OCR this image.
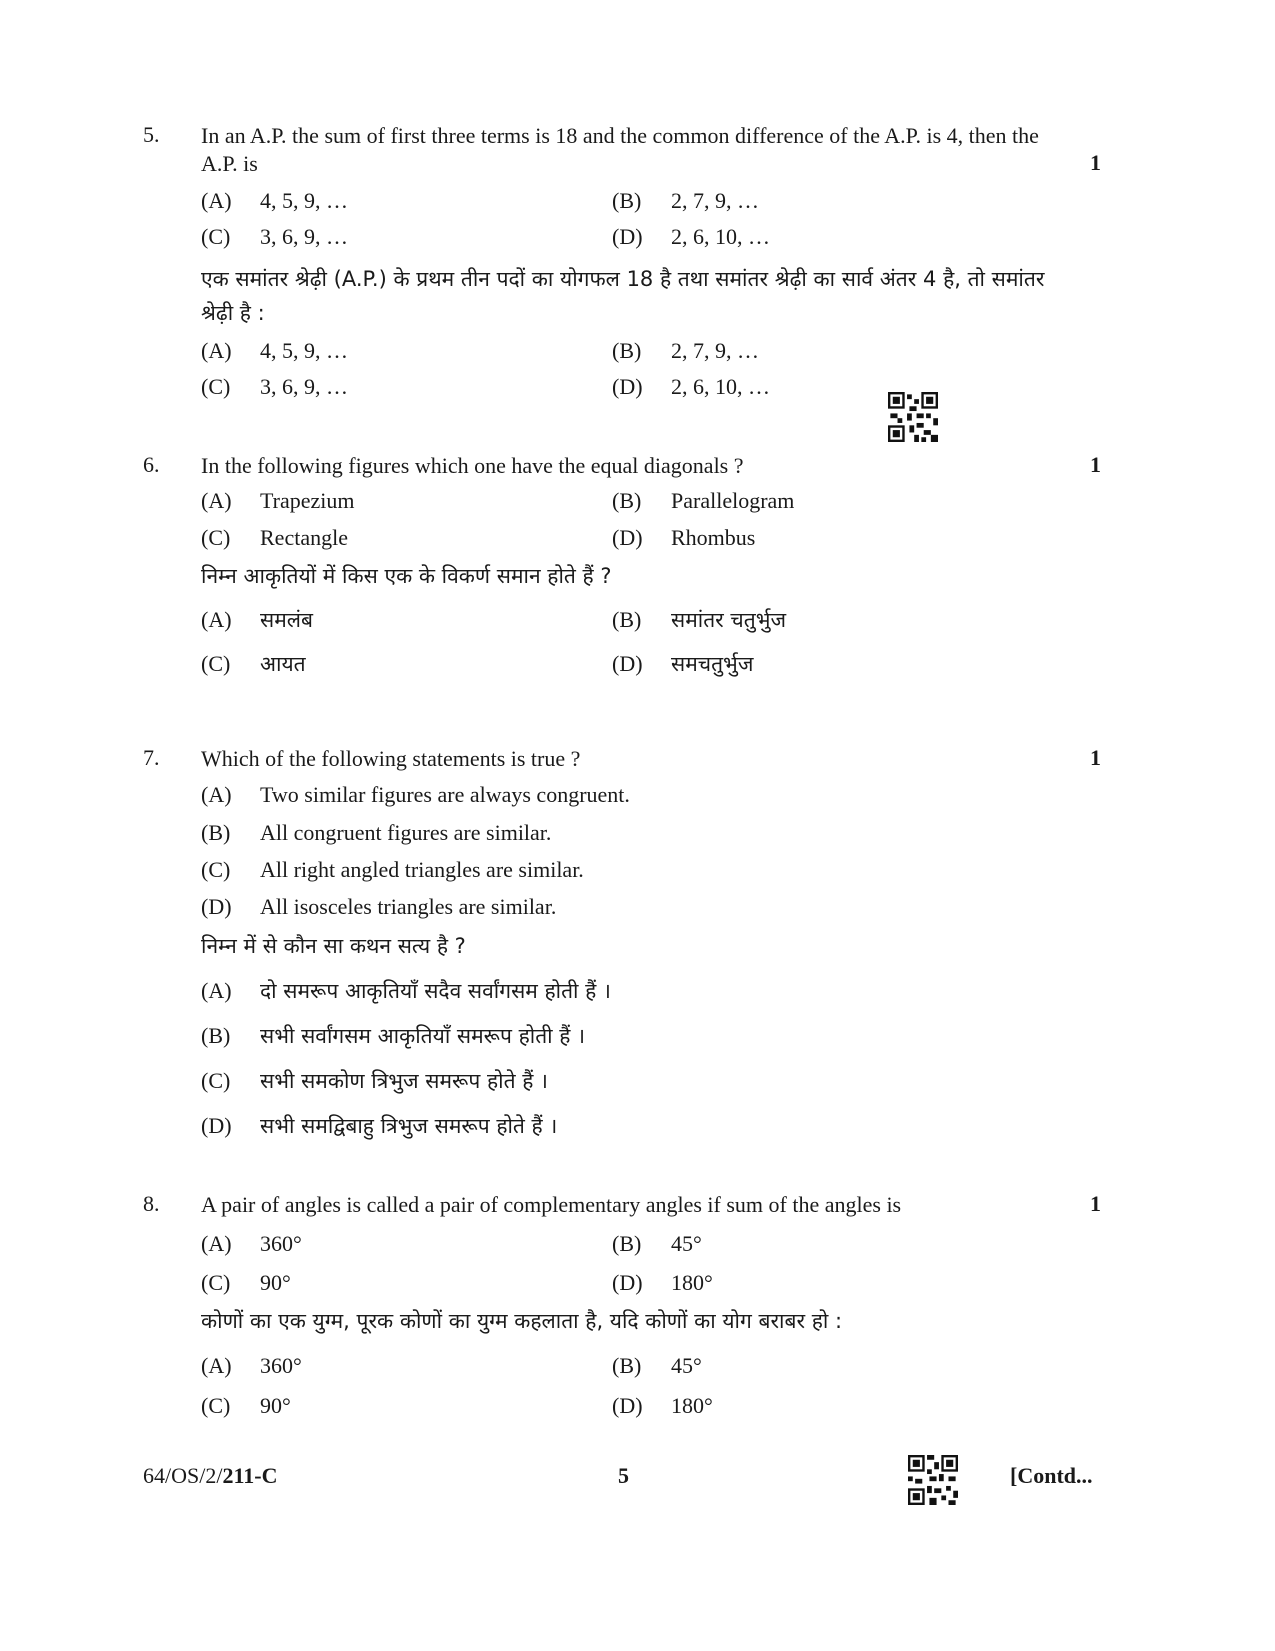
5. In an A.P. the sum of first three terms is 18 and the common difference of the A.P. is 4, then the A.P. is	1
(A) 4, 5, 9, …	(B) 2, 7, 9, …
(C) 3, 6, 9, …	(D) 2, 6, 10, …
एक समांतर श्रेढ़ी (A.P.) के प्रथम तीन पदों का योगफल 18 है तथा समांतर श्रेढ़ी का सार्व अंतर 4 है, तो समांतर श्रेढ़ी है :
(A) 4, 5, 9, …	(B) 2, 7, 9, …
(C) 3, 6, 9, …	(D) 2, 6, 10, …
6. In the following figures which one have the equal diagonals ?	1
(A) Trapezium	(B) Parallelogram
(C) Rectangle	(D) Rhombus
निम्न आकृतियों में किस एक के विकर्ण समान होते हैं ?
(A) समलंब	(B) समांतर चतुर्भुज
(C) आयत	(D) समचतुर्भुज
7. Which of the following statements is true ?	1
(A) Two similar figures are always congruent.
(B) All congruent figures are similar.
(C) All right angled triangles are similar.
(D) All isosceles triangles are similar.
निम्न में से कौन सा कथन सत्य है ?
(A) दो समरूप आकृतियाँ सदैव सर्वांगसम होती हैं ।
(B) सभी सर्वांगसम आकृतियाँ समरूप होती हैं ।
(C) सभी समकोण त्रिभुज समरूप होते हैं ।
(D) सभी समद्विबाहु त्रिभुज समरूप होते हैं ।
8. A pair of angles is called a pair of complementary angles if sum of the angles is	1
(A) 360°	(B) 45°
(C) 90°	(D) 180°
कोणों का एक युग्म, पूरक कोणों का युग्म कहलाता है, यदि कोणों का योग बराबर हो :
(A) 360°	(B) 45°
(C) 90°	(D) 180°
64/OS/2/211-C	5	[Contd...
